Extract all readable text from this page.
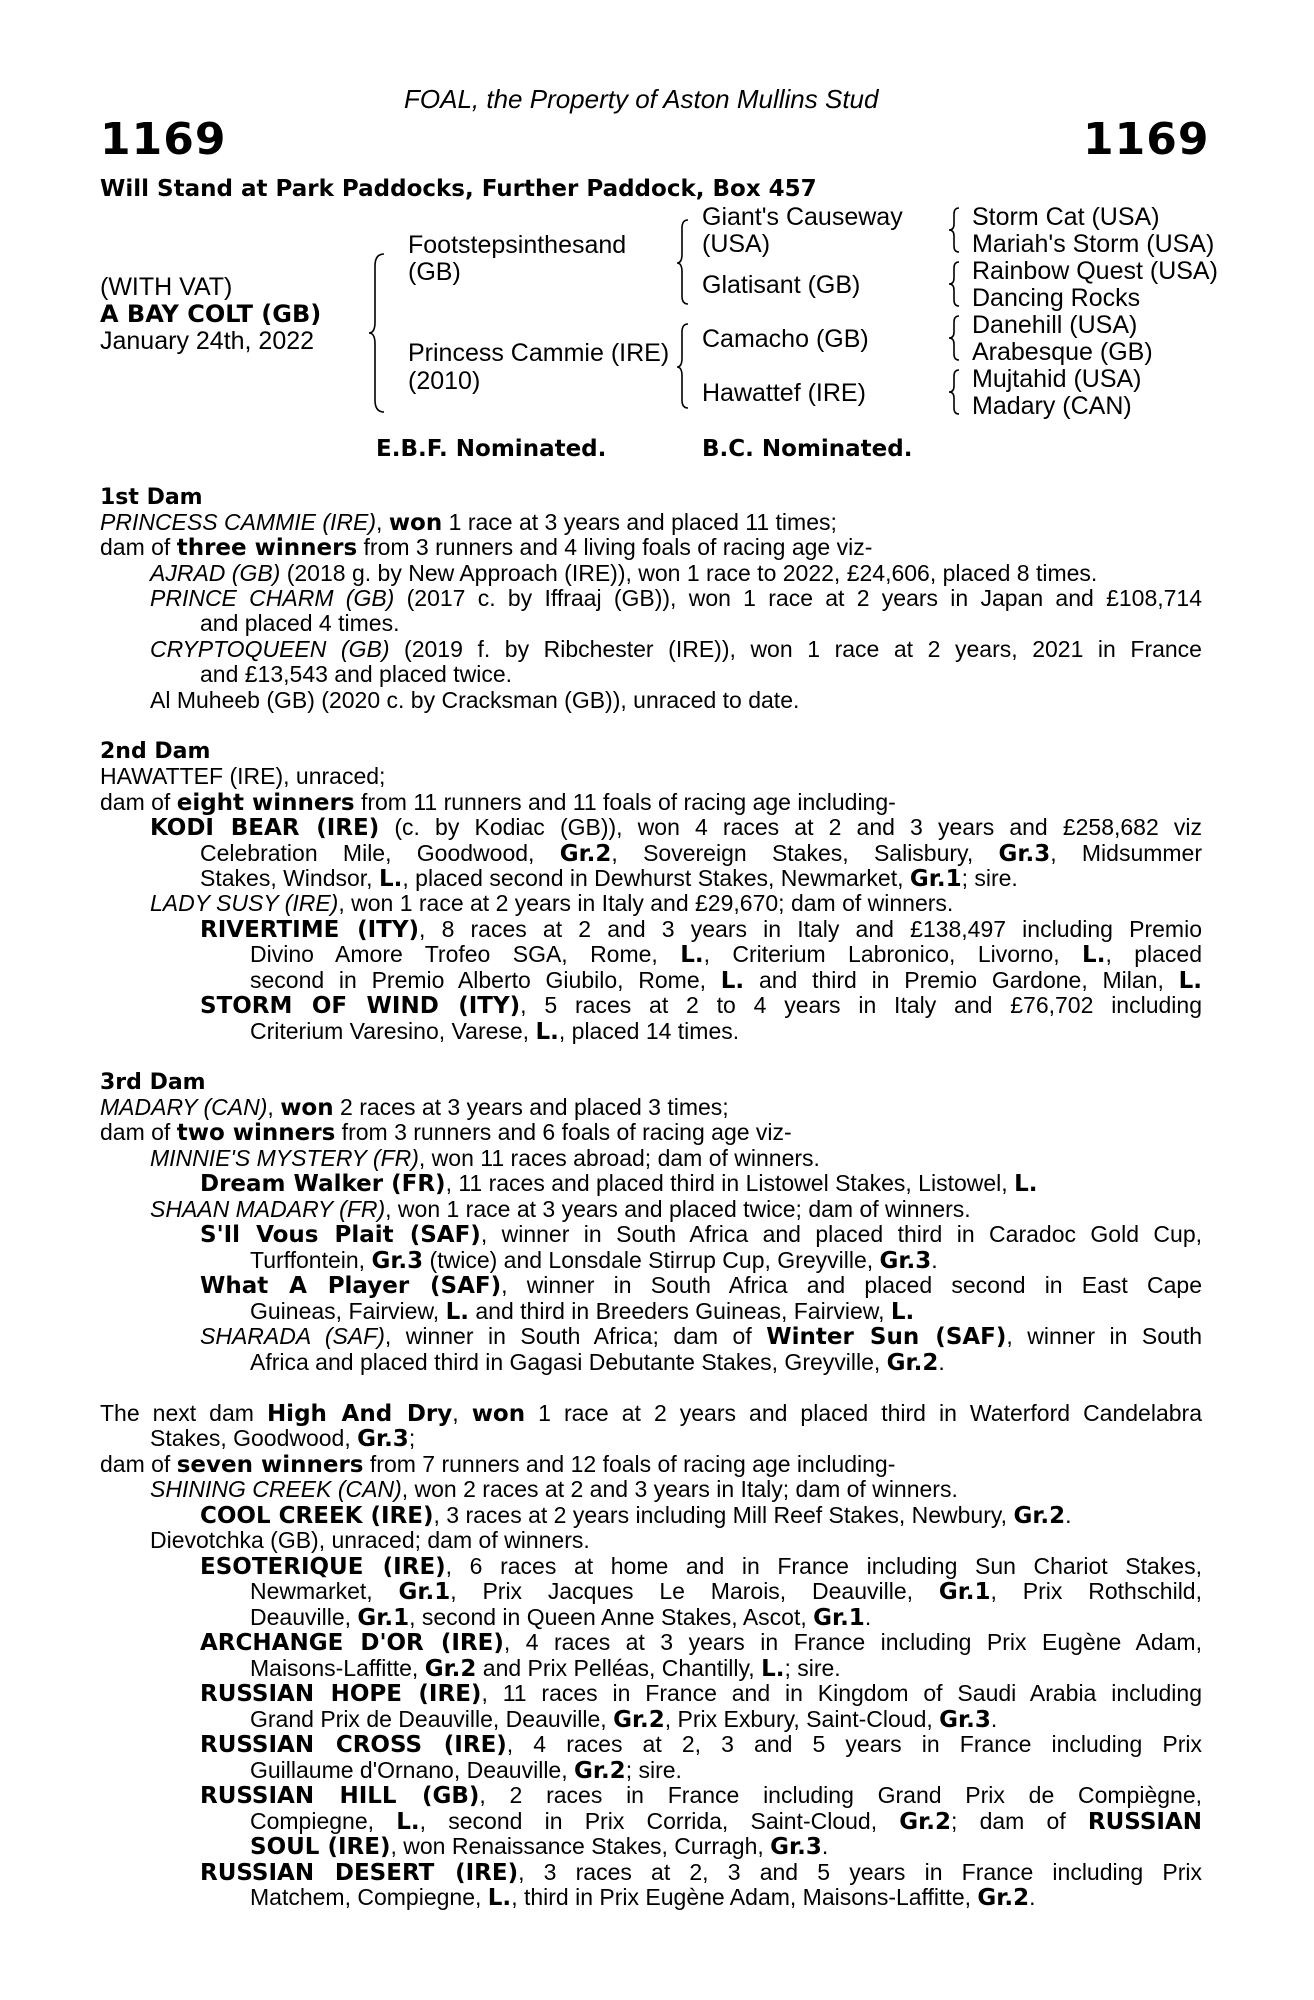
FOAL, the Property of Aston Mullins Stud
1169	1169
Will Stand at Park Paddocks, Further Paddock, Box 457
(WITH VAT)
A BAY COLT (GB)
January 24th, 2022
Footstepsinthesand
(GB)
Princess Cammie (IRE)
(2010)
Giant's Causeway
(USA)
Glatisant (GB)
Camacho (GB)
Hawattef (IRE)
Storm Cat (USA)
Mariah's Storm (USA)
Rainbow Quest (USA)
Dancing Rocks
Danehill (USA)
Arabesque (GB)
Mujtahid (USA)
Madary (CAN)
E.B.F. Nominated.	B.C. Nominated.
1st Dam
PRINCESS CAMMIE (IRE), won 1 race at 3 years and placed 11 times;
dam of three winners from 3 runners and 4 living foals of racing age viz-
AJRAD (GB) (2018 g. by New Approach (IRE)), won 1 race to 2022, £24,606, placed 8 times.
PRINCE CHARM (GB) (2017 c. by Iffraaj (GB)), won 1 race at 2 years in Japan and £108,714
and placed 4 times.
CRYPTOQUEEN (GB) (2019 f. by Ribchester (IRE)), won 1 race at 2 years, 2021 in France
and £13,543 and placed twice.
Al Muheeb (GB) (2020 c. by Cracksman (GB)), unraced to date.
2nd Dam
HAWATTEF (IRE), unraced;
dam of eight winners from 11 runners and 11 foals of racing age including-
KODI BEAR (IRE) (c. by Kodiac (GB)), won 4 races at 2 and 3 years and £258,682 viz
Celebration Mile, Goodwood, Gr.2, Sovereign Stakes, Salisbury, Gr.3, Midsummer
Stakes, Windsor, L., placed second in Dewhurst Stakes, Newmarket, Gr.1; sire.
LADY SUSY (IRE), won 1 race at 2 years in Italy and £29,670; dam of winners.
RIVERTIME (ITY), 8 races at 2 and 3 years in Italy and £138,497 including Premio
Divino Amore Trofeo SGA, Rome, L., Criterium Labronico, Livorno, L., placed
second in Premio Alberto Giubilo, Rome, L. and third in Premio Gardone, Milan, L.
STORM OF WIND (ITY), 5 races at 2 to 4 years in Italy and £76,702 including
Criterium Varesino, Varese, L., placed 14 times.
3rd Dam
MADARY (CAN), won 2 races at 3 years and placed 3 times;
dam of two winners from 3 runners and 6 foals of racing age viz-
MINNIE'S MYSTERY (FR), won 11 races abroad; dam of winners.
Dream Walker (FR), 11 races and placed third in Listowel Stakes, Listowel, L.
SHAAN MADARY (FR), won 1 race at 3 years and placed twice; dam of winners.
S'Il Vous Plait (SAF), winner in South Africa and placed third in Caradoc Gold Cup,
Turffontein, Gr.3 (twice) and Lonsdale Stirrup Cup, Greyville, Gr.3.
What A Player (SAF), winner in South Africa and placed second in East Cape
Guineas, Fairview, L. and third in Breeders Guineas, Fairview, L.
SHARADA (SAF), winner in South Africa; dam of Winter Sun (SAF), winner in South
Africa and placed third in Gagasi Debutante Stakes, Greyville, Gr.2.
The next dam High And Dry, won 1 race at 2 years and placed third in Waterford Candelabra
Stakes, Goodwood, Gr.3;
dam of seven winners from 7 runners and 12 foals of racing age including-
SHINING CREEK (CAN), won 2 races at 2 and 3 years in Italy; dam of winners.
COOL CREEK (IRE), 3 races at 2 years including Mill Reef Stakes, Newbury, Gr.2.
Dievotchka (GB), unraced; dam of winners.
ESOTERIQUE (IRE), 6 races at home and in France including Sun Chariot Stakes,
Newmarket, Gr.1, Prix Jacques Le Marois, Deauville, Gr.1, Prix Rothschild,
Deauville, Gr.1, second in Queen Anne Stakes, Ascot, Gr.1.
ARCHANGE D'OR (IRE), 4 races at 3 years in France including Prix Eugène Adam,
Maisons-Laffitte, Gr.2 and Prix Pelléas, Chantilly, L.; sire.
RUSSIAN HOPE (IRE), 11 races in France and in Kingdom of Saudi Arabia including
Grand Prix de Deauville, Deauville, Gr.2, Prix Exbury, Saint-Cloud, Gr.3.
RUSSIAN CROSS (IRE), 4 races at 2, 3 and 5 years in France including Prix
Guillaume d'Ornano, Deauville, Gr.2; sire.
RUSSIAN HILL (GB), 2 races in France including Grand Prix de Compiègne,
Compiegne, L., second in Prix Corrida, Saint-Cloud, Gr.2; dam of RUSSIAN
SOUL (IRE), won Renaissance Stakes, Curragh, Gr.3.
RUSSIAN DESERT (IRE), 3 races at 2, 3 and 5 years in France including Prix
Matchem, Compiegne, L., third in Prix Eugène Adam, Maisons-Laffitte, Gr.2.
